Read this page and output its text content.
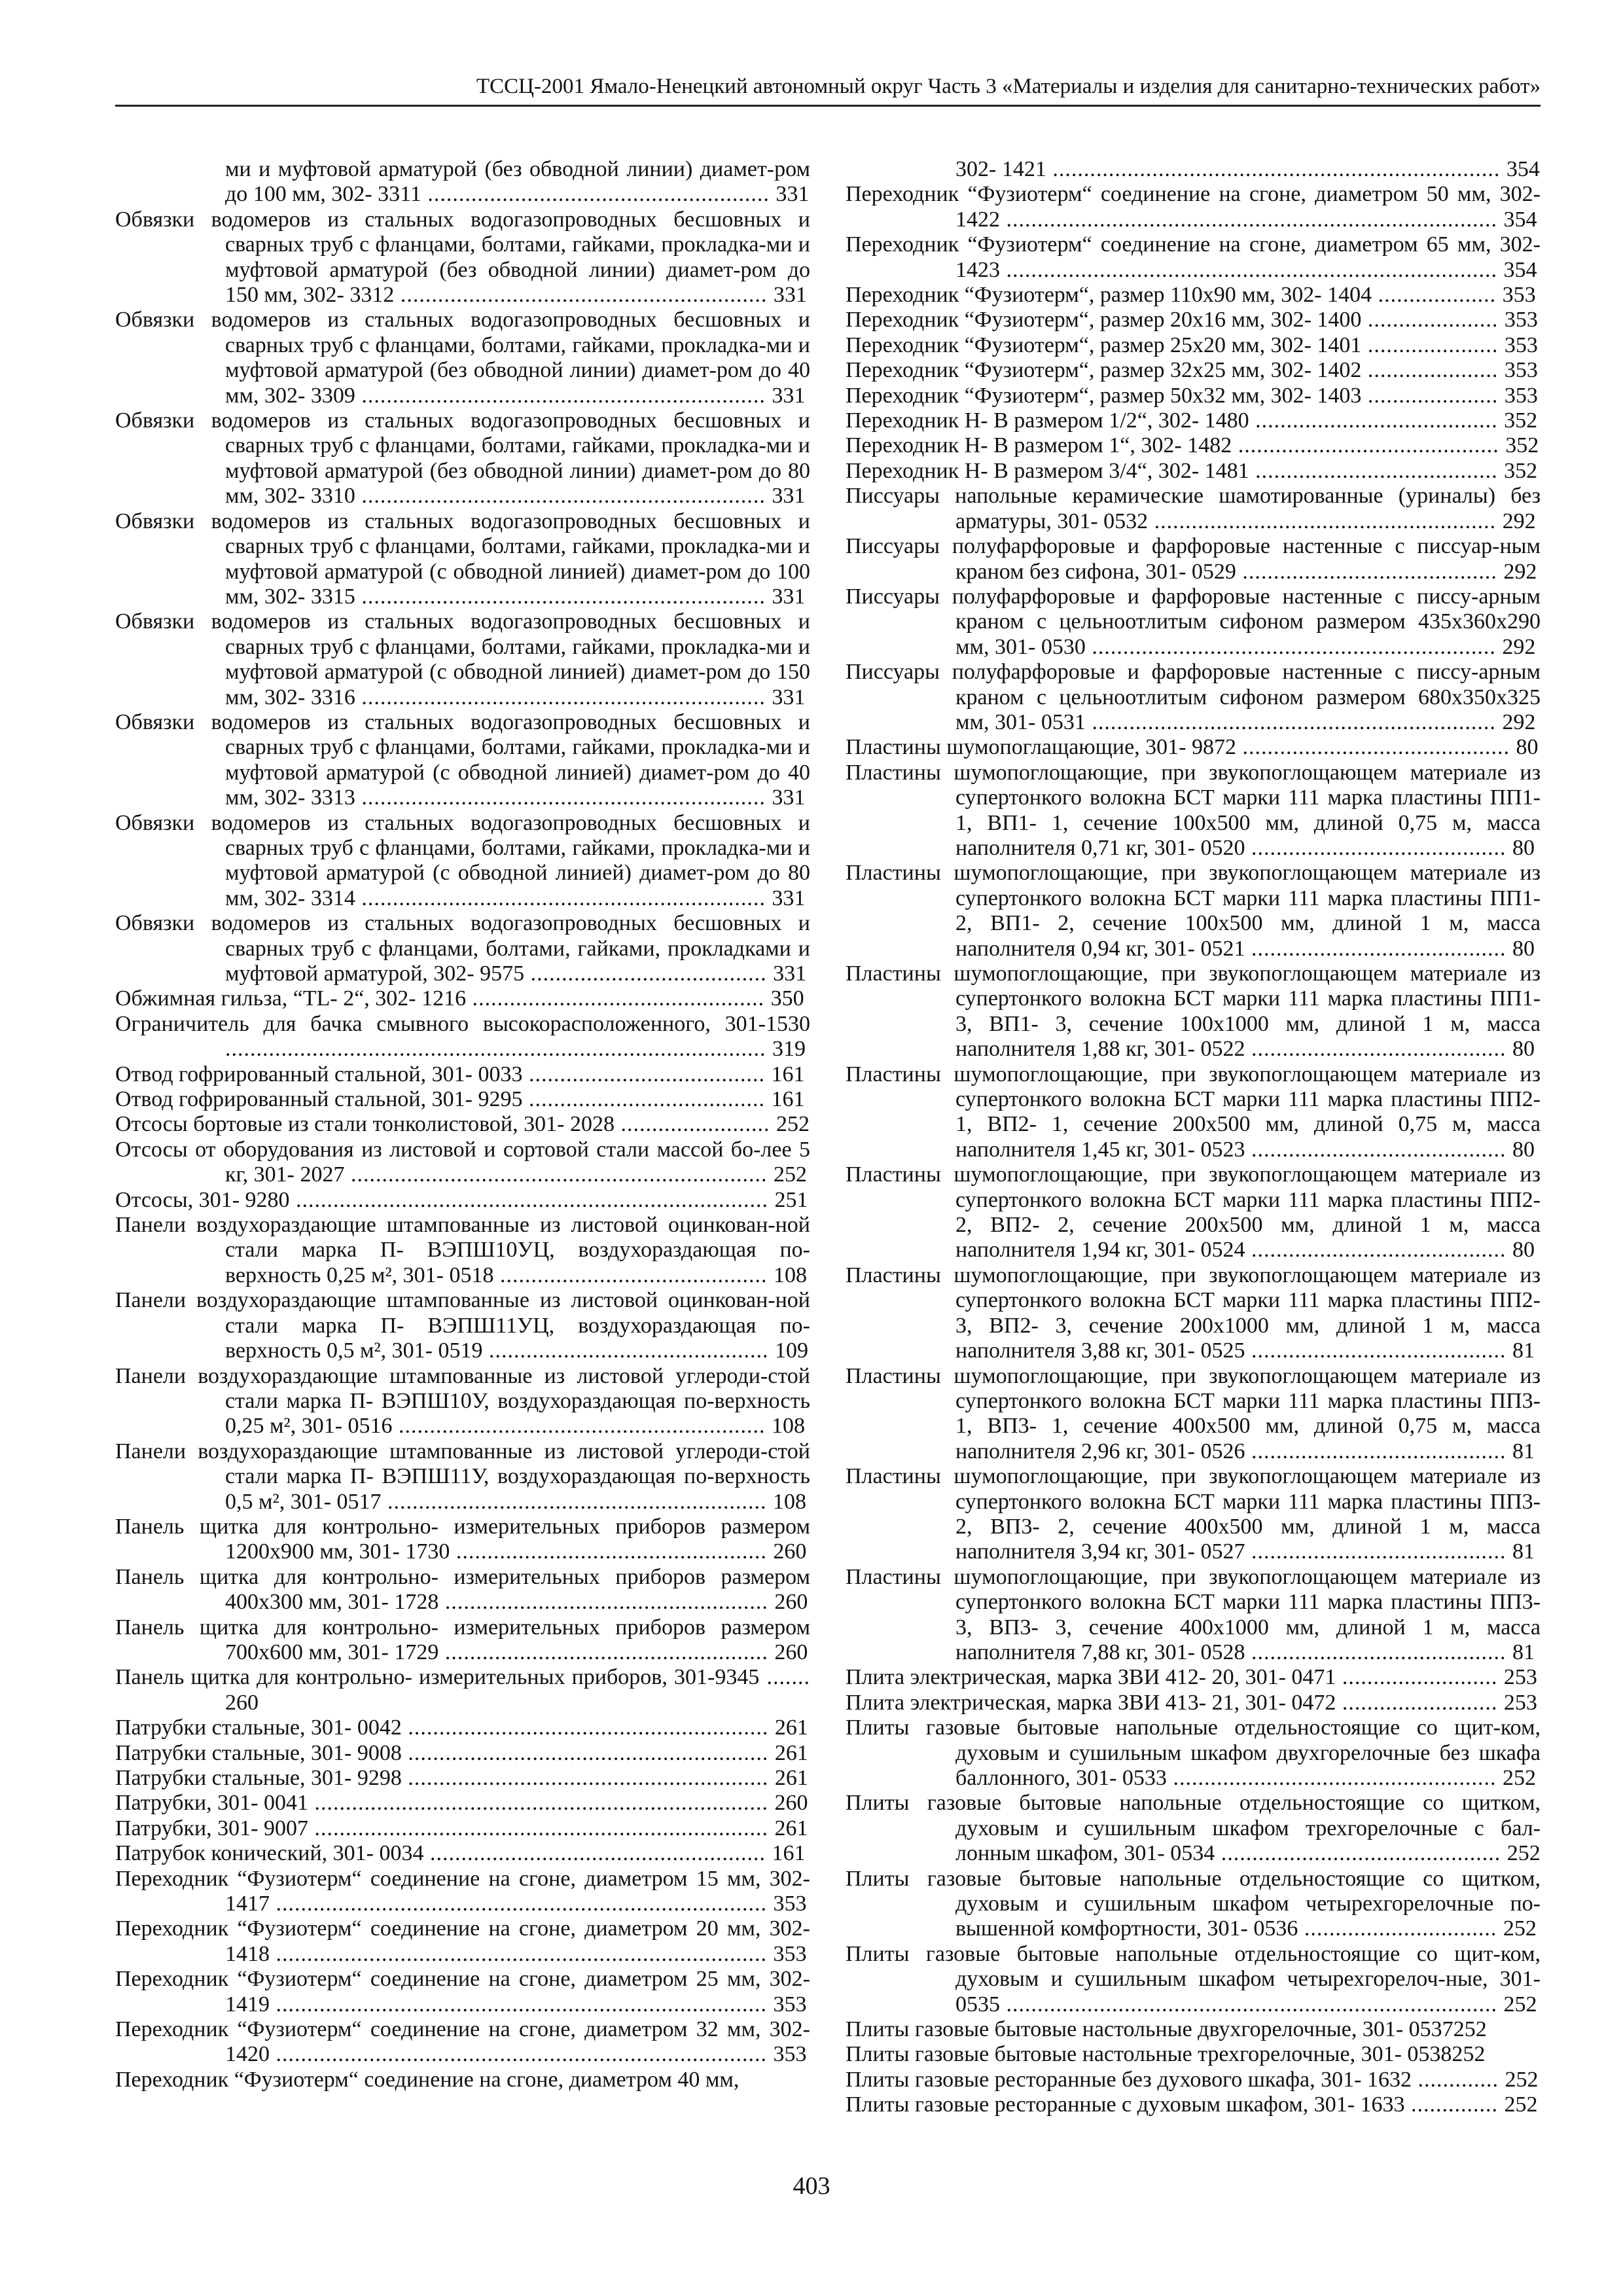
ТССЦ-2001 Ямало-Ненецкий автономный округ Часть 3 «Материалы и изделия для санитарно-технических работ»
ми и муфтовой арматурой (без обводной линии) диамет-ром до 100 мм, 302- 3311 ....................................................... 331
Обвязки водомеров из стальных водогазопроводных бесшовных и сварных труб с фланцами, болтами, гайками, прокладка-ми и муфтовой арматурой (без обводной линии) диамет-ром до 150 мм, 302- 3312 ........................................................... 331
Обвязки водомеров из стальных водогазопроводных бесшовных и сварных труб с фланцами, болтами, гайками, прокладка-ми и муфтовой арматурой (без обводной линии) диамет-ром до 40 мм, 302- 3309 ................................................................. 331
Обвязки водомеров из стальных водогазопроводных бесшовных и сварных труб с фланцами, болтами, гайками, прокладка-ми и муфтовой арматурой (без обводной линии) диамет-ром до 80 мм, 302- 3310 ................................................................. 331
Обвязки водомеров из стальных водогазопроводных бесшовных и сварных труб с фланцами, болтами, гайками, прокладка-ми и муфтовой арматурой (с обводной линией) диамет-ром до 100 мм, 302- 3315 ................................................................. 331
Обвязки водомеров из стальных водогазопроводных бесшовных и сварных труб с фланцами, болтами, гайками, прокладка-ми и муфтовой арматурой (с обводной линией) диамет-ром до 150 мм, 302- 3316 ................................................................. 331
Обвязки водомеров из стальных водогазопроводных бесшовных и сварных труб с фланцами, болтами, гайками, прокладка-ми и муфтовой арматурой (с обводной линией) диамет-ром до 40 мм, 302- 3313 ................................................................. 331
Обвязки водомеров из стальных водогазопроводных бесшовных и сварных труб с фланцами, болтами, гайками, прокладка-ми и муфтовой арматурой (с обводной линией) диамет-ром до 80 мм, 302- 3314 ................................................................. 331
Обвязки водомеров из стальных водогазопроводных бесшовных и сварных труб с фланцами, болтами, гайками, прокладками и муфтовой арматурой, 302- 9575 ...................................... 331
Обжимная гильза, “TL- 2“, 302- 1216 ............................................... 350
Ограничитель для бачка смывного высокорасположенного, 301-1530 ....................................................................................... 319
Отвод гофрированный стальной, 301- 0033 ...................................... 161
Отвод гофрированный стальной, 301- 9295 ...................................... 161
Отсосы бортовые из стали тонколистовой, 301- 2028 ........................ 252
Отсосы от оборудования из листовой и сортовой стали массой бо-лее 5 кг, 301- 2027 ................................................................... 252
Отсосы, 301- 9280 ............................................................................ 251
Панели воздухораздающие штампованные из листовой оцинкован-ной стали марка П- ВЭПШ10УЦ, воздухораздающая по-верхность 0,25 м², 301- 0518 ........................................... 108
Панели воздухораздающие штампованные из листовой оцинкован-ной стали марка П- ВЭПШ11УЦ, воздухораздающая по-верхность 0,5 м², 301- 0519 ............................................. 109
Панели воздухораздающие штампованные из листовой углероди-стой стали марка П- ВЭПШ10У, воздухораздающая по-верхность 0,25 м², 301- 0516 ........................................................... 108
Панели воздухораздающие штампованные из листовой углероди-стой стали марка П- ВЭПШ11У, воздухораздающая по-верхность 0,5 м², 301- 0517 ............................................................. 108
Панель щитка для контрольно- измерительных приборов размером 1200x900 мм, 301- 1730 .................................................. 260
Панель щитка для контрольно- измерительных приборов размером 400x300 мм, 301- 1728 .................................................... 260
Панель щитка для контрольно- измерительных приборов размером 700x600 мм, 301- 1729 .................................................... 260
Панель щитка для контрольно- измерительных приборов, 301-9345 ....... 260
Патрубки стальные, 301- 0042 .......................................................... 261
Патрубки стальные, 301- 9008 .......................................................... 261
Патрубки стальные, 301- 9298 .......................................................... 261
Патрубки, 301- 0041 ......................................................................... 260
Патрубки, 301- 9007 ......................................................................... 261
Патрубок конический, 301- 0034 ...................................................... 161
Переходник “Фузиотерм“ соединение на сгоне, диаметром 15 мм, 302- 1417 ............................................................................... 353
Переходник “Фузиотерм“ соединение на сгоне, диаметром 20 мм, 302- 1418 ............................................................................... 353
Переходник “Фузиотерм“ соединение на сгоне, диаметром 25 мм, 302- 1419 ............................................................................... 353
Переходник “Фузиотерм“ соединение на сгоне, диаметром 32 мм, 302- 1420 ............................................................................... 353
Переходник “Фузиотерм“ соединение на сгоне, диаметром 40 мм,
302- 1421 ........................................................................ 354
Переходник “Фузиотерм“ соединение на сгоне, диаметром 50 мм, 302- 1422 ............................................................................... 354
Переходник “Фузиотерм“ соединение на сгоне, диаметром 65 мм, 302- 1423 ............................................................................... 354
Переходник “Фузиотерм“, размер 110x90 мм, 302- 1404 ................... 353
Переходник “Фузиотерм“, размер 20x16 мм, 302- 1400 ..................... 353
Переходник “Фузиотерм“, размер 25x20 мм, 302- 1401 ..................... 353
Переходник “Фузиотерм“, размер 32x25 мм, 302- 1402 ..................... 353
Переходник “Фузиотерм“, размер 50x32 мм, 302- 1403 ..................... 353
Переходник Н- В размером 1/2“, 302- 1480 ....................................... 352
Переходник Н- В размером 1“, 302- 1482 .......................................... 352
Переходник Н- В размером 3/4“, 302- 1481 ....................................... 352
Писсуары напольные керамические шамотированные (уриналы) без арматуры, 301- 0532 ....................................................... 292
Писсуары полуфарфоровые и фарфоровые настенные с писсуар-ным краном без сифона, 301- 0529 ......................................... 292
Писсуары полуфарфоровые и фарфоровые настенные с писсу-арным краном с цельноотлитым сифоном размером 435x360x290 мм, 301- 0530 ................................................................. 292
Писсуары полуфарфоровые и фарфоровые настенные с писсу-арным краном с цельноотлитым сифоном размером 680x350x325 мм, 301- 0531 ................................................................. 292
Пластины шумопоглащающие, 301- 9872 ........................................... 80
Пластины шумопоглощающие, при звукопоглощающем материале из супертонкого волокна БСТ марки 111 марка пластины ПП1- 1, ВП1- 1, сечение 100x500 мм, длиной 0,75 м, масса наполнителя 0,71 кг, 301- 0520 ......................................... 80
Пластины шумопоглощающие, при звукопоглощающем материале из супертонкого волокна БСТ марки 111 марка пластины ПП1- 2, ВП1- 2, сечение 100x500 мм, длиной 1 м, масса наполнителя 0,94 кг, 301- 0521 ......................................... 80
Пластины шумопоглощающие, при звукопоглощающем материале из супертонкого волокна БСТ марки 111 марка пластины ПП1- 3, ВП1- 3, сечение 100x1000 мм, длиной 1 м, масса наполнителя 1,88 кг, 301- 0522 ......................................... 80
Пластины шумопоглощающие, при звукопоглощающем материале из супертонкого волокна БСТ марки 111 марка пластины ПП2- 1, ВП2- 1, сечение 200x500 мм, длиной 0,75 м, масса наполнителя 1,45 кг, 301- 0523 ......................................... 80
Пластины шумопоглощающие, при звукопоглощающем материале из супертонкого волокна БСТ марки 111 марка пластины ПП2- 2, ВП2- 2, сечение 200x500 мм, длиной 1 м, масса наполнителя 1,94 кг, 301- 0524 ......................................... 80
Пластины шумопоглощающие, при звукопоглощающем материале из супертонкого волокна БСТ марки 111 марка пластины ПП2- 3, ВП2- 3, сечение 200x1000 мм, длиной 1 м, масса наполнителя 3,88 кг, 301- 0525 ......................................... 81
Пластины шумопоглощающие, при звукопоглощающем материале из супертонкого волокна БСТ марки 111 марка пластины ПП3- 1, ВП3- 1, сечение 400x500 мм, длиной 0,75 м, масса наполнителя 2,96 кг, 301- 0526 ......................................... 81
Пластины шумопоглощающие, при звукопоглощающем материале из супертонкого волокна БСТ марки 111 марка пластины ПП3- 2, ВП3- 2, сечение 400x500 мм, длиной 1 м, масса наполнителя 3,94 кг, 301- 0527 ......................................... 81
Пластины шумопоглощающие, при звукопоглощающем материале из супертонкого волокна БСТ марки 111 марка пластины ПП3- 3, ВП3- 3, сечение 400x1000 мм, длиной 1 м, масса наполнителя 7,88 кг, 301- 0528 ......................................... 81
Плита электрическая, марка ЗВИ 412- 20, 301- 0471 ......................... 253
Плита электрическая, марка ЗВИ 413- 21, 301- 0472 ......................... 253
Плиты газовые бытовые напольные отдельностоящие со щит-ком, духовым и сушильным шкафом двухгорелочные без шкафа баллонного, 301- 0533 .................................................... 252
Плиты газовые бытовые напольные отдельностоящие со щитком, духовым и сушильным шкафом трехгорелочные с бал-лонным шкафом, 301- 0534 ............................................. 252
Плиты газовые бытовые напольные отдельностоящие со щитком, духовым и сушильным шкафом четырехгорелочные по-вышенной комфортности, 301- 0536 ............................... 252
Плиты газовые бытовые напольные отдельностоящие со щит-ком, духовым и сушильным шкафом четырехгорелоч-ные, 301- 0535 ............................................................................... 252
Плиты газовые бытовые настольные двухгорелочные, 301- 0537252
Плиты газовые бытовые настольные трехгорелочные, 301- 0538252
Плиты газовые ресторанные без духового шкафа, 301- 1632 ............. 252
Плиты газовые ресторанные с духовым шкафом, 301- 1633 .............. 252
403
